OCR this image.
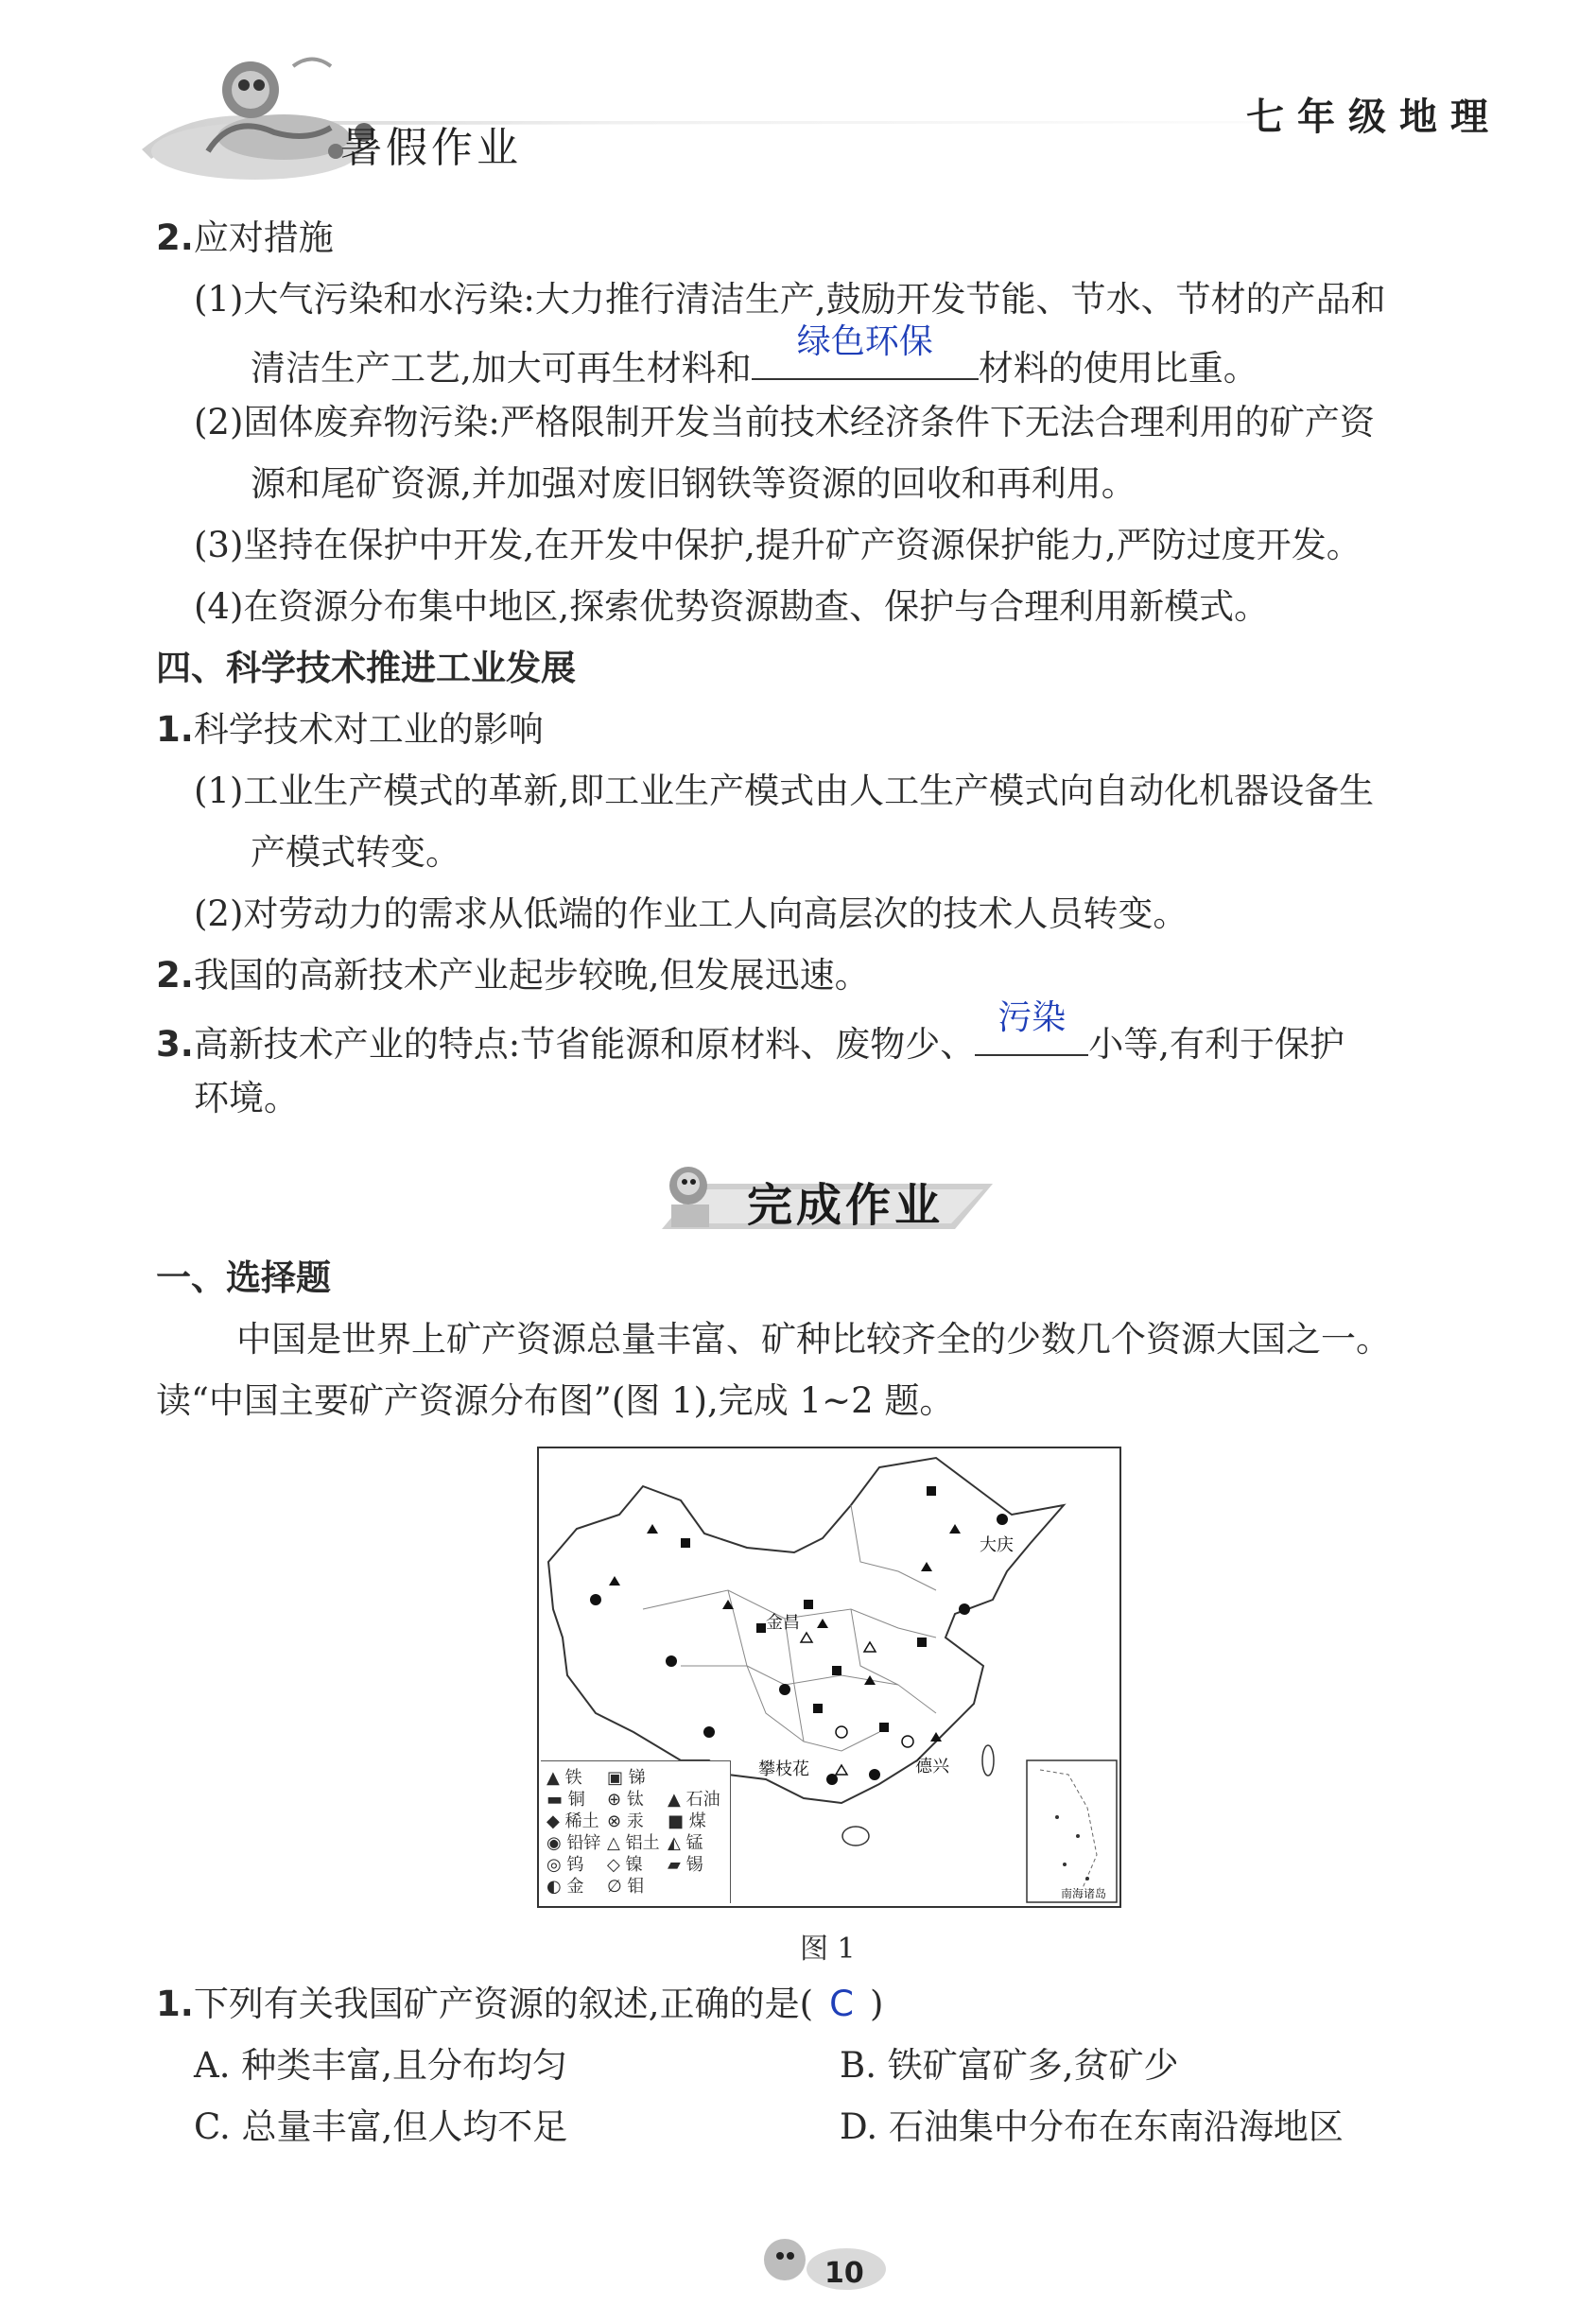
暑假作业
七年级地理
2.应对措施
(1)大气污染和水污染:大力推行清洁生产,鼓励开发节能、节水、节材的产品和
清洁生产工艺,加大可再生材料和
绿色环保
材料的使用比重。
(2)固体废弃物污染:严格限制开发当前技术经济条件下无法合理利用的矿产资
源和尾矿资源,并加强对废旧钢铁等资源的回收和再利用。
(3)坚持在保护中开发,在开发中保护,提升矿产资源保护能力,严防过度开发。
(4)在资源分布集中地区,探索优势资源勘查、保护与合理利用新模式。
四、科学技术推进工业发展
1.科学技术对工业的影响
(1)工业生产模式的革新,即工业生产模式由人工生产模式向自动化机器设备生
产模式转变。
(2)对劳动力的需求从低端的作业工人向高层次的技术人员转变。
2.我国的高新技术产业起步较晚,但发展迅速。
3.高新技术产业的特点:节省能源和原材料、废物少、
污染
小等,有利于保护
环境。
完成作业
一、选择题
中国是世界上矿产资源总量丰富、矿种比较齐全的少数几个资源大国之一。
读“中国主要矿产资源分布图”(图 1),完成 1~2 题。
大庆
金昌
攀枝花	德兴
南海诸岛
▲ 铁
▬ 铜
◆ 稀土
◉ 铅锌
◎ 钨
◐ 金
▣ 锑
⊕ 钛
⊗ 汞
△ 铝土
◇ 镍
∅ 钼
▲ 石油
■ 煤
◭ 锰
▰ 锡
图 1
1.下列有关我国矿产资源的叙述,正确的是( C )
A. 种类丰富,且分布均匀	B. 铁矿富矿多,贫矿少
C. 总量丰富,但人均不足	D. 石油集中分布在东南沿海地区
10
